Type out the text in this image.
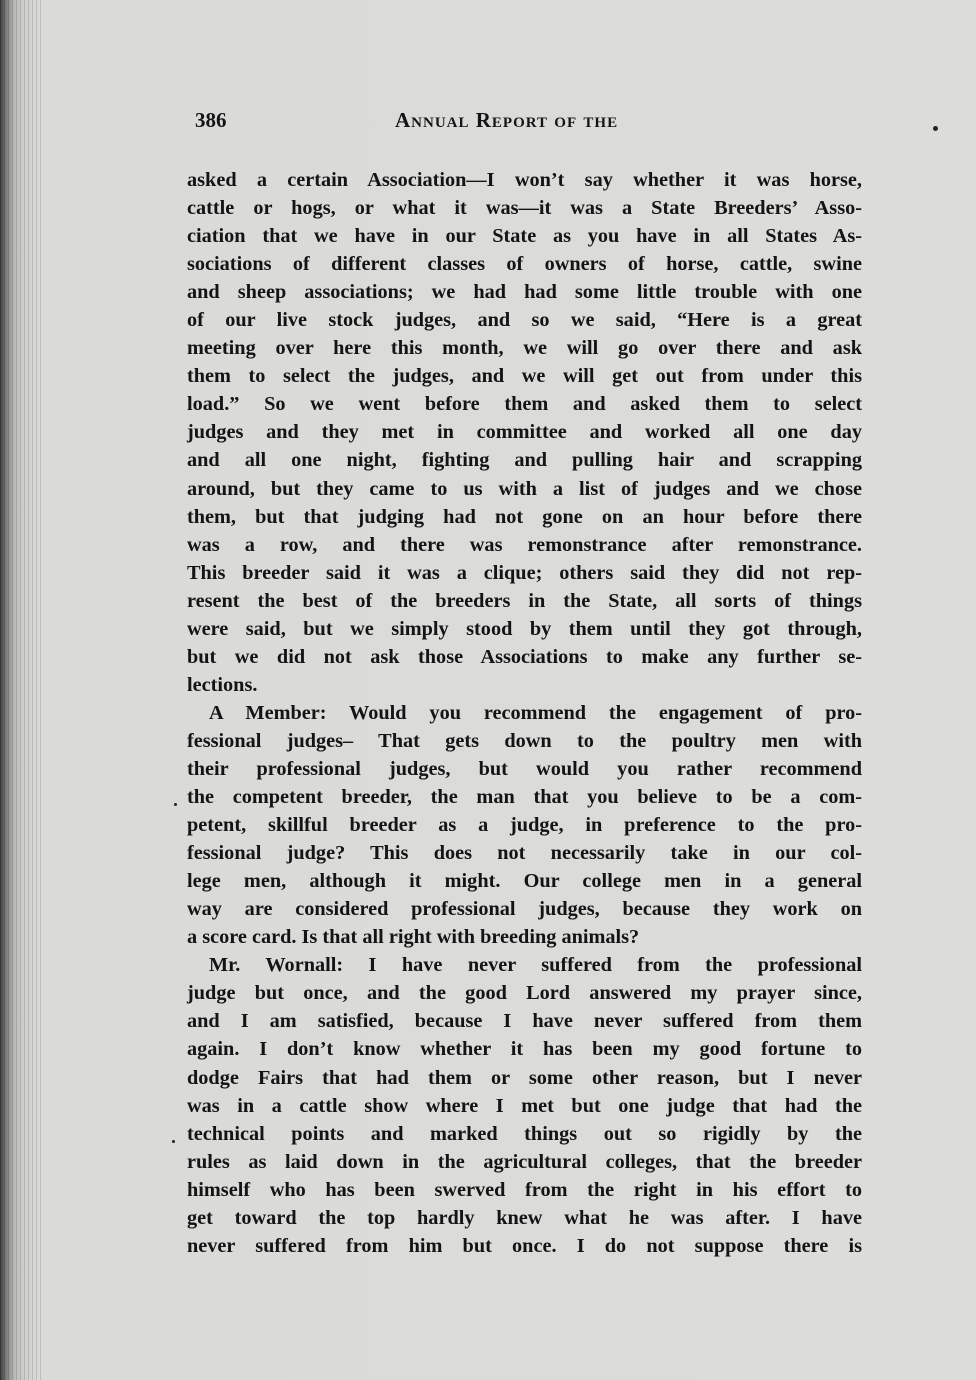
386	Annual Report of the
asked a certain Association—I won’t say whether it was horse,
cattle or hogs, or what it was—it was a State Breeders’ Asso-
ciation that we have in our State as you have in all States As-
sociations of different classes of owners of horse, cattle, swine
and sheep associations; we had had some little trouble with one
of our live stock judges, and so we said, “Here is a great
meeting over here this month, we will go over there and ask
them to select the judges, and we will get out from under this
load.” So we went before them and asked them to select
judges and they met in committee and worked all one day
and all one night, fighting and pulling hair and scrapping
around, but they came to us with a list of judges and we chose
them, but that judging had not gone on an hour before there
was a row, and there was remonstrance after remonstrance.
This breeder said it was a clique; others said they did not rep-
resent the best of the breeders in the State, all sorts of things
were said, but we simply stood by them until they got through,
but we did not ask those Associations to make any further se-
lections.
A Member: Would you recommend the engagement of pro-
fessional judges– That gets down to the poultry men with
their professional judges, but would you rather recommend
the competent breeder, the man that you believe to be a com-
petent, skillful breeder as a judge, in preference to the pro-
fessional judge? This does not necessarily take in our col-
lege men, although it might. Our college men in a general
way are considered professional judges, because they work on
a score card. Is that all right with breeding animals?
Mr. Wornall: I have never suffered from the professional
judge but once, and the good Lord answered my prayer since,
and I am satisfied, because I have never suffered from them
again. I don’t know whether it has been my good fortune to
dodge Fairs that had them or some other reason, but I never
was in a cattle show where I met but one judge that had the
technical points and marked things out so rigidly by the
rules as laid down in the agricultural colleges, that the breeder
himself who has been swerved from the right in his effort to
get toward the top hardly knew what he was after. I have
never suffered from him but once. I do not suppose there is
